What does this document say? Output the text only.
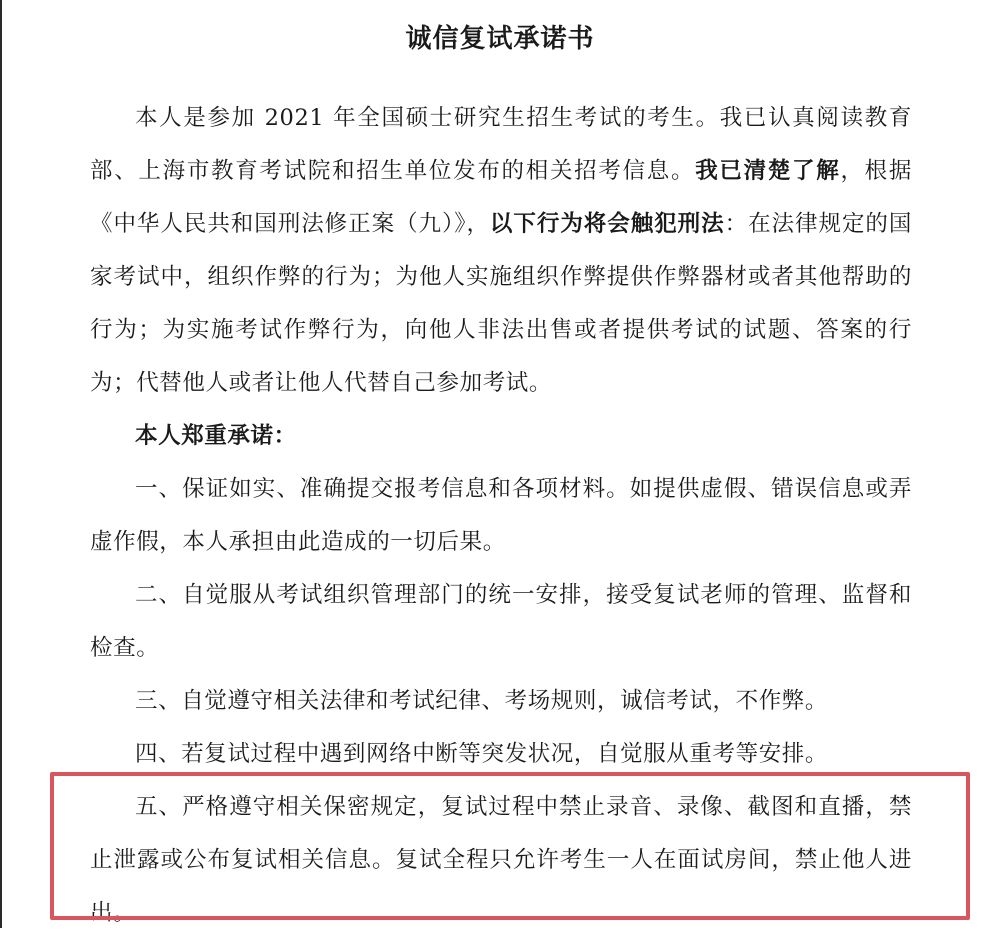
诚信复试承诺书

本人是参加 2021 年全国硕士研究生招生考试的考生。我已认真阅读教育部、上海市教育考试院和招生单位发布的相关招考信息。我已清楚了解，根据《中华人民共和国刑法修正案（九）》，以下行为将会触犯刑法：在法律规定的国家考试中，组织作弊的行为；为他人实施组织作弊提供作弊器材或者其他帮助的行为；为实施考试作弊行为，向他人非法出售或者提供考试的试题、答案的行为；代替他人或者让他人代替自己参加考试。

本人郑重承诺：

一、保证如实、准确提交报考信息和各项材料。如提供虚假、错误信息或弄虚作假，本人承担由此造成的一切后果。

二、自觉服从考试组织管理部门的统一安排，接受复试老师的管理、监督和检查。

三、自觉遵守相关法律和考试纪律、考场规则，诚信考试，不作弊。

四、若复试过程中遇到网络中断等突发状况，自觉服从重考等安排。

五、严格遵守相关保密规定，复试过程中禁止录音、录像、截图和直播，禁止泄露或公布复试相关信息。复试全程只允许考生一人在面试房间，禁止他人进出。
